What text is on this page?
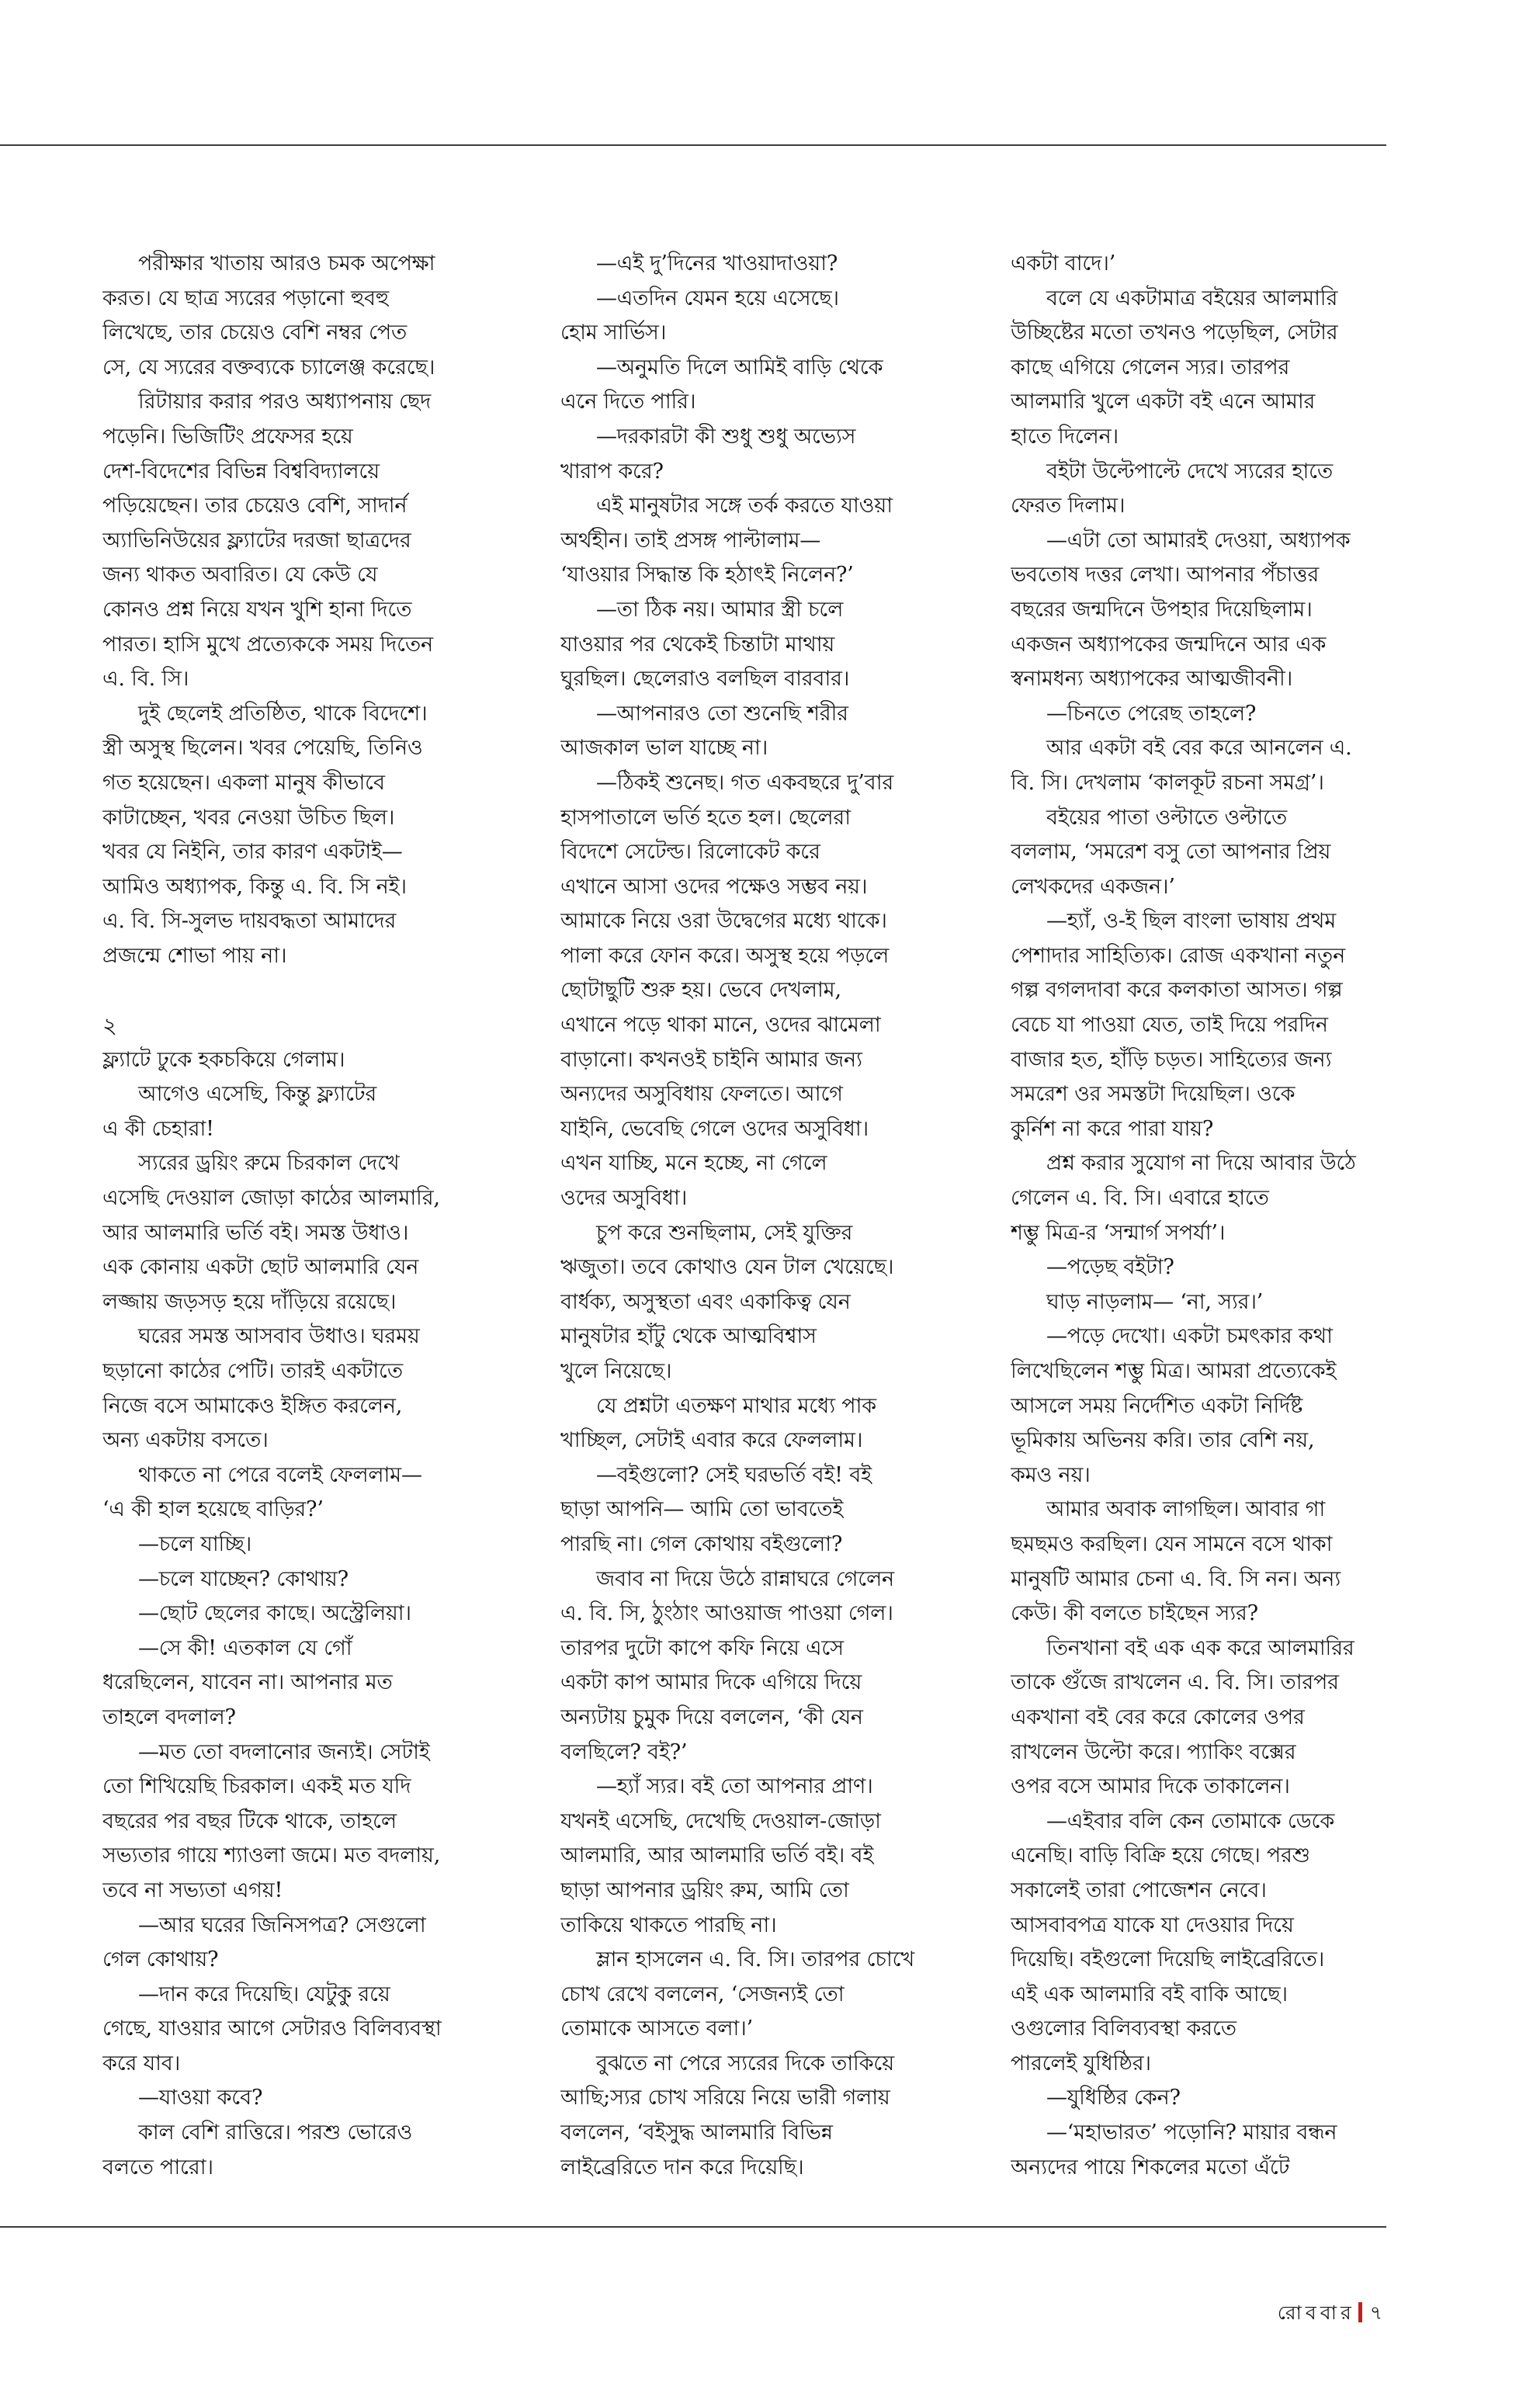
পরীক্ষার খাতায় আরও চমক অপেক্ষা
করত। যে ছাত্র স্যরের পড়ানো হুবহু
লিখেছে, তার চেয়েও বেশি নম্বর পেত
সে, যে স্যরের বক্তব্যকে চ্যালেঞ্জ করেছে।
রিটায়ার করার পরও অধ্যাপনায় ছেদ
পড়েনি। ভিজিটিং প্রফেসর হয়ে
দেশ-বিদেশের বিভিন্ন বিশ্ববিদ্যালয়ে
পড়িয়েছেন। তার চেয়েও বেশি, সাদার্ন
অ্যাভিনিউয়ের ফ্ল্যাটের দরজা ছাত্রদের
জন্য থাকত অবারিত। যে কেউ যে
কোনও প্রশ্ন নিয়ে যখন খুশি হানা দিতে
পারত। হাসি মুখে প্রত্যেককে সময় দিতেন
এ. বি. সি।
দুই ছেলেই প্রতিষ্ঠিত, থাকে বিদেশে।
স্ত্রী অসুস্থ ছিলেন। খবর পেয়েছি, তিনিও
গত হয়েছেন। একলা মানুষ কীভাবে
কাটাচ্ছেন, খবর নেওয়া উচিত ছিল।
খবর যে নিইনি, তার কারণ একটাই—
আমিও অধ্যাপক, কিন্তু এ. বি. সি নই।
এ. বি. সি-সুলভ দায়বদ্ধতা আমাদের
প্রজন্মে শোভা পায় না।
২
ফ্ল্যাটে ঢুকে হকচকিয়ে গেলাম।
আগেও এসেছি, কিন্তু ফ্ল্যাটের
এ কী চেহারা!
স্যরের ড্রয়িং রুমে চিরকাল দেখে
এসেছি দেওয়াল জোড়া কাঠের আলমারি,
আর আলমারি ভর্তি বই। সমস্ত উধাও।
এক কোনায় একটা ছোট আলমারি যেন
লজ্জায় জড়সড় হয়ে দাঁড়িয়ে রয়েছে।
ঘরের সমস্ত আসবাব উধাও। ঘরময়
ছড়ানো কাঠের পেটি। তারই একটাতে
নিজে বসে আমাকেও ইঙ্গিত করলেন,
অন্য একটায় বসতে।
থাকতে না পেরে বলেই ফেললাম—
‘এ কী হাল হয়েছে বাড়ির?’
—চলে যাচ্ছি।
—চলে যাচ্ছেন? কোথায়?
—ছোট ছেলের কাছে। অস্ট্রেলিয়া।
—সে কী! এতকাল যে গোঁ
ধরেছিলেন, যাবেন না। আপনার মত
তাহলে বদলাল?
—মত তো বদলানোর জন্যই। সেটাই
তো শিখিয়েছি চিরকাল। একই মত যদি
বছরের পর বছর টিকে থাকে, তাহলে
সভ্যতার গায়ে শ্যাওলা জমে। মত বদলায়,
তবে না সভ্যতা এগয়!
—আর ঘরের জিনিসপত্র? সেগুলো
গেল কোথায়?
—দান করে দিয়েছি। যেটুকু রয়ে
গেছে, যাওয়ার আগে সেটারও বিলিব্যবস্থা
করে যাব।
—যাওয়া কবে?
কাল বেশি রাত্তিরে। পরশু ভোরেও
বলতে পারো।
—এই দু’দিনের খাওয়াদাওয়া?
—এতদিন যেমন হয়ে এসেছে।
হোম সার্ভিস।
—অনুমতি দিলে আমিই বাড়ি থেকে
এনে দিতে পারি।
—দরকারটা কী শুধু শুধু অভ্যেস
খারাপ করে?
এই মানুষটার সঙ্গে তর্ক করতে যাওয়া
অর্থহীন। তাই প্রসঙ্গ পাল্টালাম—
‘যাওয়ার সিদ্ধান্ত কি হঠাৎই নিলেন?’
—তা ঠিক নয়। আমার স্ত্রী চলে
যাওয়ার পর থেকেই চিন্তাটা মাথায়
ঘুরছিল। ছেলেরাও বলছিল বারবার।
—আপনারও তো শুনেছি শরীর
আজকাল ভাল যাচ্ছে না।
—ঠিকই শুনেছ। গত একবছরে দু’বার
হাসপাতালে ভর্তি হতে হল। ছেলেরা
বিদেশে সেটেল্ড। রিলোকেট করে
এখানে আসা ওদের পক্ষেও সম্ভব নয়।
আমাকে নিয়ে ওরা উদ্বেগের মধ্যে থাকে।
পালা করে ফোন করে। অসুস্থ হয়ে পড়লে
ছোটাছুটি শুরু হয়। ভেবে দেখলাম,
এখানে পড়ে থাকা মানে, ওদের ঝামেলা
বাড়ানো। কখনওই চাইনি আমার জন্য
অন্যদের অসুবিধায় ফেলতে। আগে
যাইনি, ভেবেছি গেলে ওদের অসুবিধা।
এখন যাচ্ছি, মনে হচ্ছে, না গেলে
ওদের অসুবিধা।
চুপ করে শুনছিলাম, সেই যুক্তির
ঋজুতা। তবে কোথাও যেন টাল খেয়েছে।
বার্ধক্য, অসুস্থতা এবং একাকিত্ব যেন
মানুষটার হাঁটু থেকে আত্মবিশ্বাস
খুলে নিয়েছে।
যে প্রশ্নটা এতক্ষণ মাথার মধ্যে পাক
খাচ্ছিল, সেটাই এবার করে ফেললাম।
—বইগুলো? সেই ঘরভর্তি বই! বই
ছাড়া আপনি— আমি তো ভাবতেই
পারছি না। গেল কোথায় বইগুলো?
জবাব না দিয়ে উঠে রান্নাঘরে গেলেন
এ. বি. সি, ঠুংঠাং আওয়াজ পাওয়া গেল।
তারপর দুটো কাপে কফি নিয়ে এসে
একটা কাপ আমার দিকে এগিয়ে দিয়ে
অন্যটায় চুমুক দিয়ে বললেন, ‘কী যেন
বলছিলে? বই?’
—হ্যাঁ স্যর। বই তো আপনার প্রাণ।
যখনই এসেছি, দেখেছি দেওয়াল-জোড়া
আলমারি, আর আলমারি ভর্তি বই। বই
ছাড়া আপনার ড্রয়িং রুম, আমি তো
তাকিয়ে থাকতে পারছি না।
ম্লান হাসলেন এ. বি. সি। তারপর চোখে
চোখ রেখে বললেন, ‘সেজন্যই তো
তোমাকে আসতে বলা।’
বুঝতে না পেরে স্যরের দিকে তাকিয়ে
আছি;স্যর চোখ সরিয়ে নিয়ে ভারী গলায়
বললেন, ‘বইসুদ্ধ আলমারি বিভিন্ন
লাইব্রেরিতে দান করে দিয়েছি।
একটা বাদে।’
বলে যে একটামাত্র বইয়ের আলমারি
উচ্ছিষ্টের মতো তখনও পড়েছিল, সেটার
কাছে এগিয়ে গেলেন স্যর। তারপর
আলমারি খুলে একটা বই এনে আমার
হাতে দিলেন।
বইটা উল্টেপাল্টে দেখে স্যরের হাতে
ফেরত দিলাম।
—এটা তো আমারই দেওয়া, অধ্যাপক
ভবতোষ দত্তর লেখা। আপনার পঁচাত্তর
বছরের জন্মদিনে উপহার দিয়েছিলাম।
একজন অধ্যাপকের জন্মদিনে আর এক
স্বনামধন্য অধ্যাপকের আত্মজীবনী।
—চিনতে পেরেছ তাহলে?
আর একটা বই বের করে আনলেন এ.
বি. সি। দেখলাম ‘কালকূট রচনা সমগ্র’।
বইয়ের পাতা ওল্টাতে ওল্টাতে
বললাম, ‘সমরেশ বসু তো আপনার প্রিয়
লেখকদের একজন।’
—হ্যাঁ, ও-ই ছিল বাংলা ভাষায় প্রথম
পেশাদার সাহিত্যিক। রোজ একখানা নতুন
গল্প বগলদাবা করে কলকাতা আসত। গল্প
বেচে যা পাওয়া যেত, তাই দিয়ে পরদিন
বাজার হত, হাঁড়ি চড়ত। সাহিত্যের জন্য
সমরেশ ওর সমস্তটা দিয়েছিল। ওকে
কুর্নিশ না করে পারা যায়?
প্রশ্ন করার সুযোগ না দিয়ে আবার উঠে
গেলেন এ. বি. সি। এবারে হাতে
শম্ভু মিত্র-র ‘সন্মার্গ সপর্যা’।
—পড়েছ বইটা?
ঘাড় নাড়লাম— ‘না, স্যর।’
—পড়ে দেখো। একটা চমৎকার কথা
লিখেছিলেন শম্ভু মিত্র। আমরা প্রত্যেকেই
আসলে সময় নির্দেশিত একটা নির্দিষ্ট
ভূমিকায় অভিনয় করি। তার বেশি নয়,
কমও নয়।
আমার অবাক লাগছিল। আবার গা
ছমছমও করছিল। যেন সামনে বসে থাকা
মানুষটি আমার চেনা এ. বি. সি নন। অন্য
কেউ। কী বলতে চাইছেন স্যর?
তিনখানা বই এক এক করে আলমারির
তাকে গুঁজে রাখলেন এ. বি. সি। তারপর
একখানা বই বের করে কোলের ওপর
রাখলেন উল্টো করে। প্যাকিং বক্সের
ওপর বসে আমার দিকে তাকালেন।
—এইবার বলি কেন তোমাকে ডেকে
এনেছি। বাড়ি বিক্রি হয়ে গেছে। পরশু
সকালেই তারা পোজেশন নেবে।
আসবাবপত্র যাকে যা দেওয়ার দিয়ে
দিয়েছি। বইগুলো দিয়েছি লাইব্রেরিতে।
এই এক আলমারি বই বাকি আছে।
ওগুলোর বিলিব্যবস্থা করতে
পারলেই যুধিষ্ঠির।
—যুধিষ্ঠির কেন?
—‘মহাভারত’ পড়োনি? মায়ার বন্ধন
অন্যদের পায়ে শিকলের মতো এঁটে
রোববার ৭
